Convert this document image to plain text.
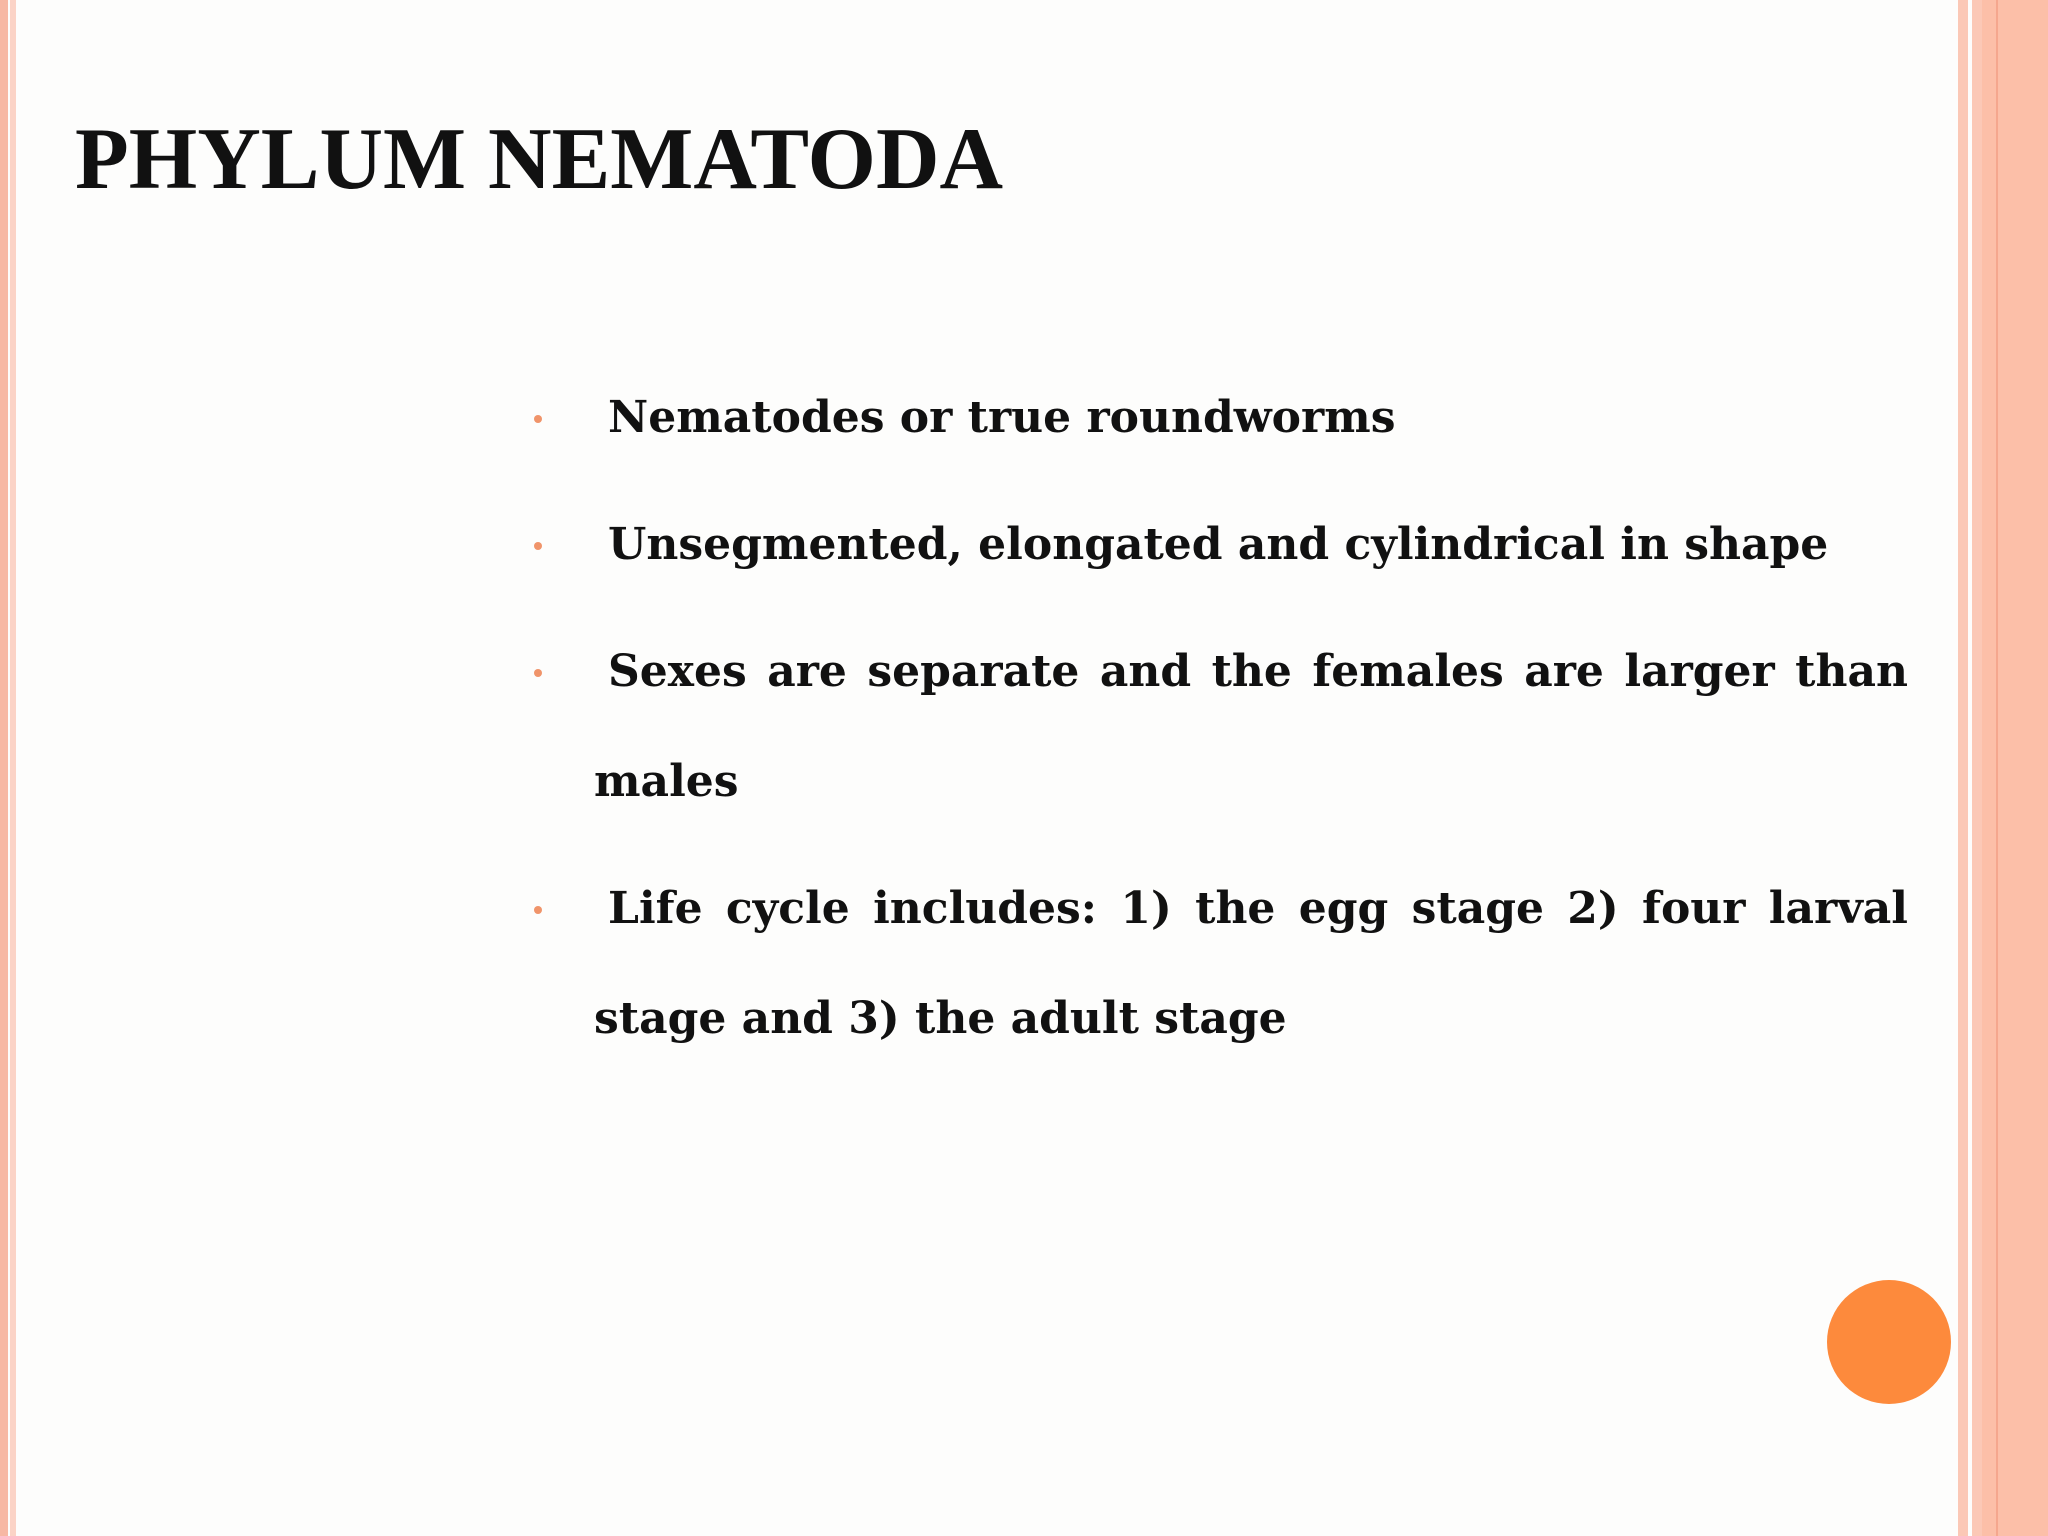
PHYLUM NEMATODA
Nematodes or true roundworms
Unsegmented, elongated and cylindrical in shape
Sexes are separate and the females are larger than
males
Life cycle includes: 1) the egg stage 2) four larval
stage and 3) the adult stage
